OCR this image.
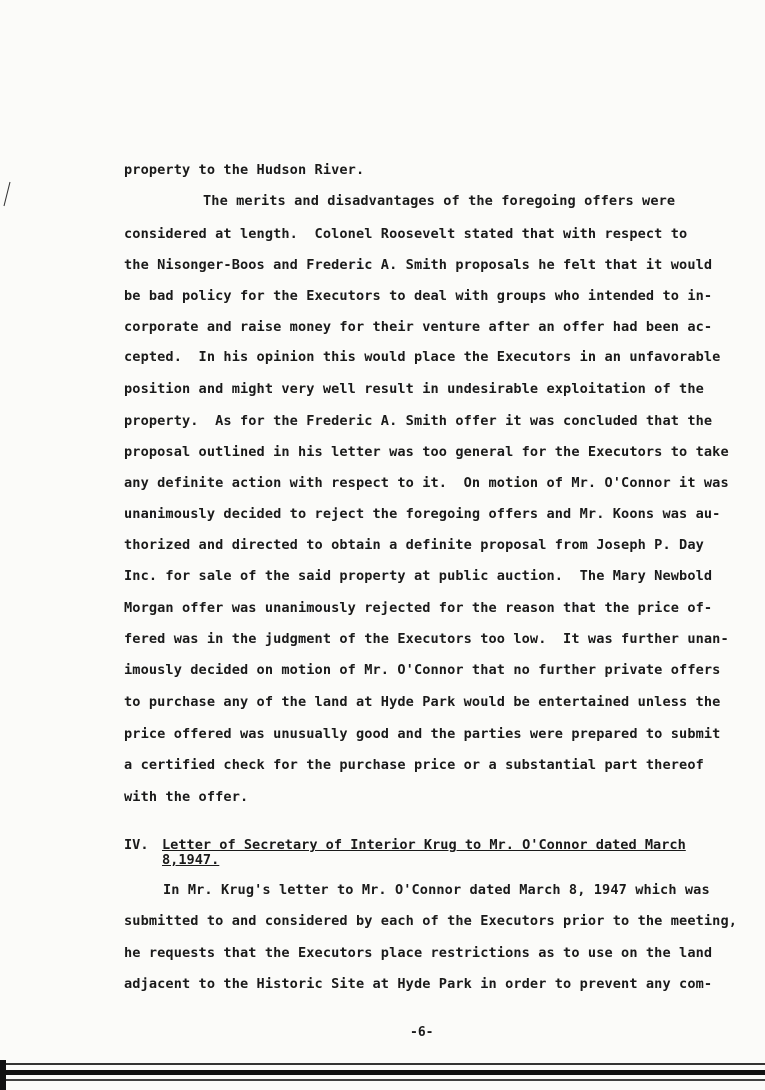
property to the Hudson River.
The merits and disadvantages of the foregoing offers were
considered at length.  Colonel Roosevelt stated that with respect to
the Nisonger-Boos and Frederic A. Smith proposals he felt that it would
be bad policy for the Executors to deal with groups who intended to in-
corporate and raise money for their venture after an offer had been ac-
cepted.  In his opinion this would place the Executors in an unfavorable
position and might very well result in undesirable exploitation of the
property.  As for the Frederic A. Smith offer it was concluded that the
proposal outlined in his letter was too general for the Executors to take
any definite action with respect to it.  On motion of Mr. O'Connor it was
unanimously decided to reject the foregoing offers and Mr. Koons was au-
thorized and directed to obtain a definite proposal from Joseph P. Day
Inc. for sale of the said property at public auction.  The Mary Newbold
Morgan offer was unanimously rejected for the reason that the price of-
fered was in the judgment of the Executors too low.  It was further unan-
imously decided on motion of Mr. O'Connor that no further private offers
to purchase any of the land at Hyde Park would be entertained unless the
price offered was unusually good and the parties were prepared to submit
a certified check for the purchase price or a substantial part thereof
with the offer.
IV. Letter of Secretary of Interior Krug to Mr. O'Connor dated March
8,1947.
In Mr. Krug's letter to Mr. O'Connor dated March 8, 1947 which was
submitted to and considered by each of the Executors prior to the meeting,
he requests that the Executors place restrictions as to use on the land
adjacent to the Historic Site at Hyde Park in order to prevent any com-
-6-
